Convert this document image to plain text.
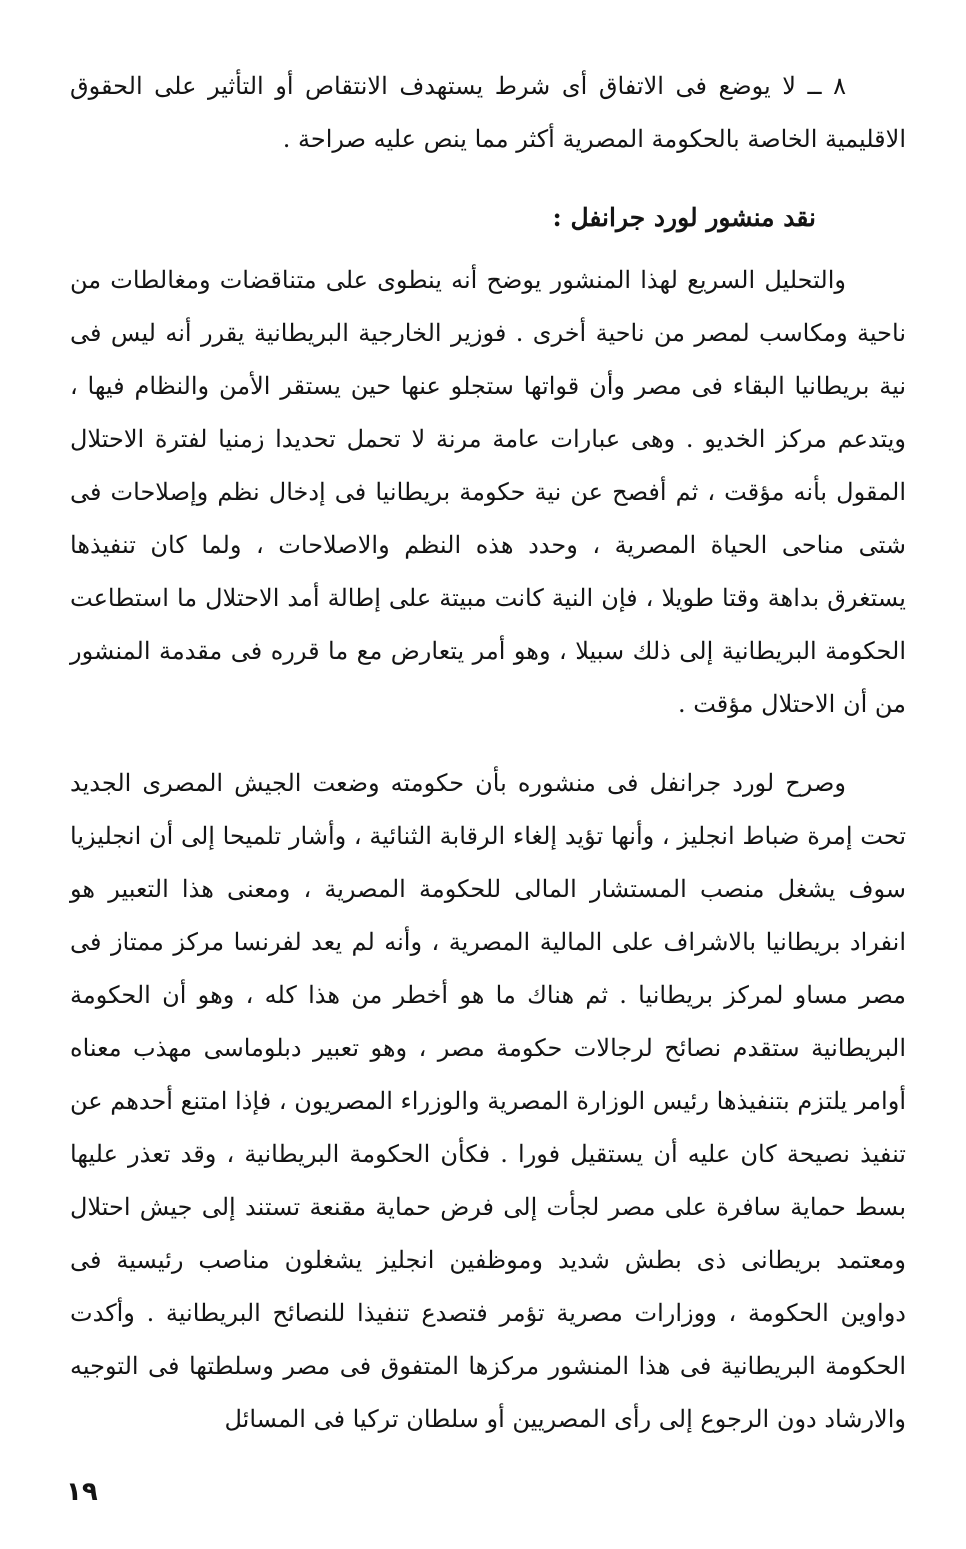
٨ ــ لا يوضع فى الاتفاق أى شرط يستهدف الانتقاص أو التأثير على الحقوق الاقليمية الخاصة بالحكومة المصرية أكثر مما ينص عليه صراحة .

نقد منشور لورد جرانفل :

والتحليل السريع لهذا المنشور يوضح أنه ينطوى على متناقضات ومغالطات من ناحية ومكاسب لمصر من ناحية أخرى . فوزير الخارجية البريطانية يقرر أنه ليس فى نية بريطانيا البقاء فى مصر وأن قواتها ستجلو عنها حين يستقر الأمن والنظام فيها ، ويتدعم مركز الخديو . وهى عبارات عامة مرنة لا تحمل تحديدا زمنيا لفترة الاحتلال المقول بأنه مؤقت ، ثم أفصح عن نية حكومة بريطانيا فى إدخال نظم وإصلاحات فى شتى مناحى الحياة المصرية ، وحدد هذه النظم والاصلاحات ، ولما كان تنفيذها يستغرق بداهة وقتا طويلا ، فإن النية كانت مبيتة على إطالة أمد الاحتلال ما استطاعت الحكومة البريطانية إلى ذلك سبيلا ، وهو أمر يتعارض مع ما قرره فى مقدمة المنشور من أن الاحتلال مؤقت .

وصرح لورد جرانفل فى منشوره بأن حكومته وضعت الجيش المصرى الجديد تحت إمرة ضباط انجليز ، وأنها تؤيد إلغاء الرقابة الثنائية ، وأشار تلميحا إلى أن انجليزيا سوف يشغل منصب المستشار المالى للحكومة المصرية ، ومعنى هذا التعبير هو انفراد بريطانيا بالاشراف على المالية المصرية ، وأنه لم يعد لفرنسا مركز ممتاز فى مصر مساو لمركز بريطانيا . ثم هناك ما هو أخطر من هذا كله ، وهو أن الحكومة البريطانية ستقدم نصائح لرجالات حكومة مصر ، وهو تعبير دبلوماسى مهذب معناه أوامر يلتزم بتنفيذها رئيس الوزارة المصرية والوزراء المصريون ، فإذا امتنع أحدهم عن تنفيذ نصيحة كان عليه أن يستقيل فورا . فكأن الحكومة البريطانية ، وقد تعذر عليها بسط حماية سافرة على مصر لجأت إلى فرض حماية مقنعة تستند إلى جيش احتلال ومعتمد بريطانى ذى بطش شديد وموظفين انجليز يشغلون مناصب رئيسية فى دواوين الحكومة ، ووزارات مصرية تؤمر فتصدع تنفيذا للنصائح البريطانية . وأكدت الحكومة البريطانية فى هذا المنشور مركزها المتفوق فى مصر وسلطتها فى التوجيه والارشاد دون الرجوع إلى رأى المصريين أو سلطان تركيا فى المسائل

١٩
